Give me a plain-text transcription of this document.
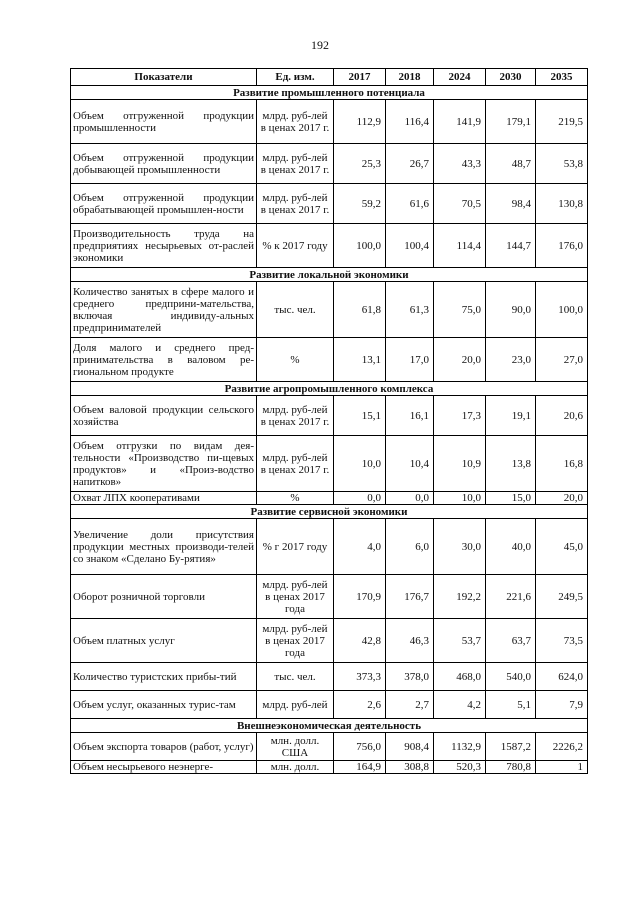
192
Показатели	Ед. изм.	2017	2018	2024	2030	2035
Развитие промышленного потенциала						
Объем отгруженной продукции промышленности	млрд. руб-лей в ценах 2017 г.	112,9	116,4	141,9	179,1	219,5
Объем отгруженной продукции добывающей промышленности	млрд. руб-лей в ценах 2017 г.	25,3	26,7	43,3	48,7	53,8
Объем отгруженной продукции обрабатывающей промышлен-ности	млрд. руб-лей в ценах 2017 г.	59,2	61,6	70,5	98,4	130,8
Производительность труда на предприятиях несырьевых от-раслей экономики	% к 2017 году	100,0	100,4	114,4	144,7	176,0
Развитие локальной экономики						
Количество занятых в сфере малого и среднего предприни-мательства, включая индивиду-альных предпринимателей	тыс. чел.	61,8	61,3	75,0	90,0	100,0
Доля малого и среднего пред-принимательства в валовом ре-гиональном продукте	%	13,1	17,0	20,0	23,0	27,0
Развитие агропромышленного комплекса						
Объем валовой продукции сельского хозяйства	млрд. руб-лей в ценах 2017 г.	15,1	16,1	17,3	19,1	20,6
Объем отгрузки по видам дея-тельности «Производство пи-щевых продуктов» и «Произ-водство напитков»	млрд. руб-лей в ценах 2017 г.	10,0	10,4	10,9	13,8	16,8
Охват ЛПХ кооперативами	%	0,0	0,0	10,0	15,0	20,0
Развитие сервисной экономики						
Увеличение доли присутствия продукции местных производи-телей со знаком «Сделано Бу-рятия»	% г 2017 году	4,0	6,0	30,0	40,0	45,0
Оборот розничной торговли	млрд. руб-лей в ценах 2017 года	170,9	176,7	192,2	221,6	249,5
Объем платных услуг	млрд. руб-лей в ценах 2017 года	42,8	46,3	53,7	63,7	73,5
Количество туристских прибы-тий	тыс. чел.	373,3	378,0	468,0	540,0	624,0
Объем услуг, оказанных турис-там	млрд. руб-лей	2,6	2,7	4,2	5,1	7,9
Внешнеэкономическая деятельность						
Объем экспорта товаров (работ, услуг)	млн. долл. США	756,0	908,4	1132,9	1587,2	2226,2
Объем несырьевого неэнерге-	млн. долл.	164,9	308,8	520,3	780,8	1
